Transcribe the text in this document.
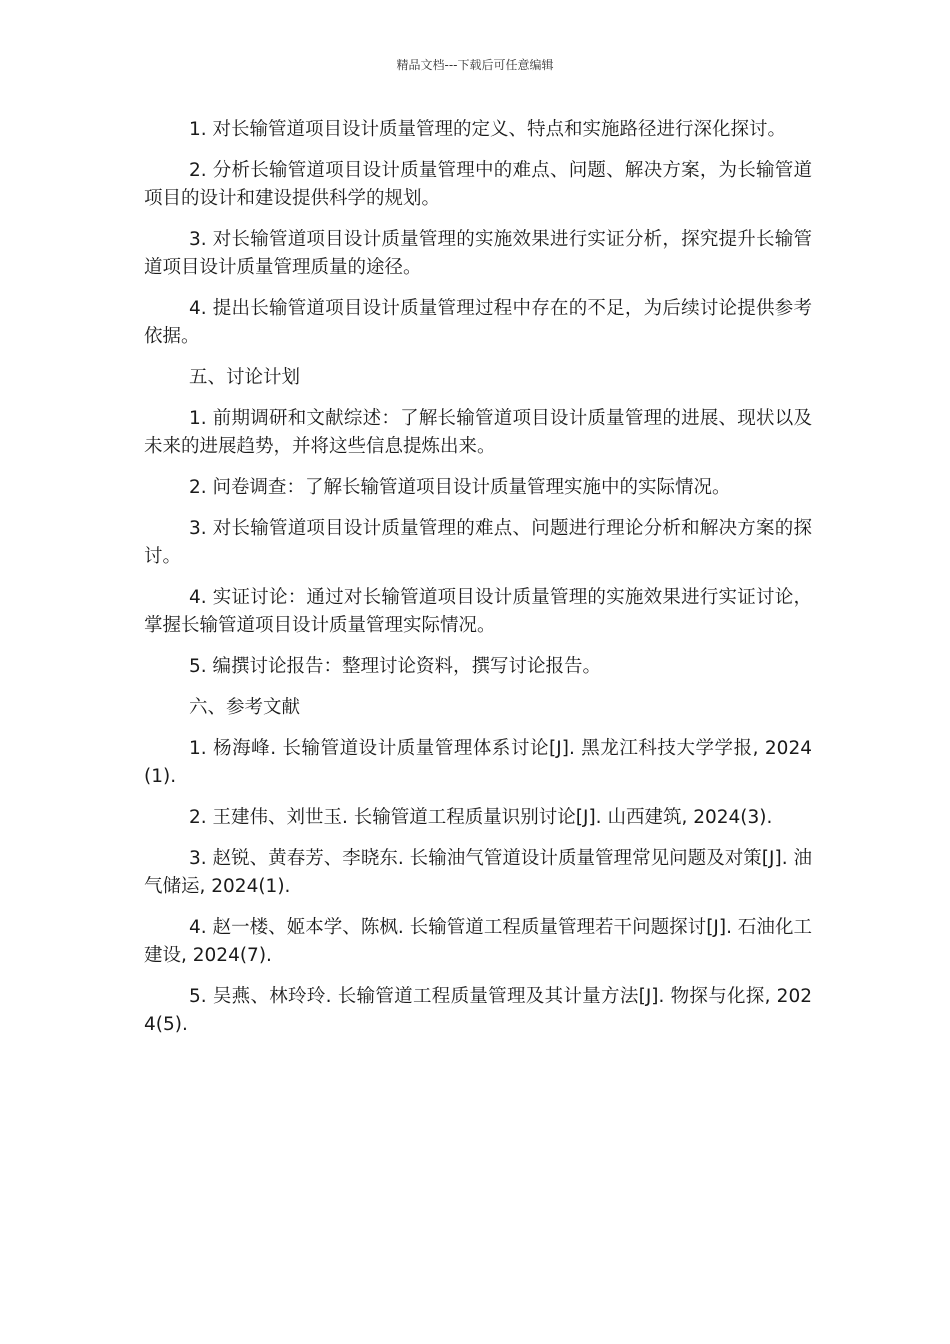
精品文档---下载后可任意编辑

1. 对长输管道项目设计质量管理的定义、特点和实施路径进行深化探讨。

2. 分析长输管道项目设计质量管理中的难点、问题、解决方案，为长输管道项目的设计和建设提供科学的规划。

3. 对长输管道项目设计质量管理的实施效果进行实证分析，探究提升长输管道项目设计质量管理质量的途径。

4. 提出长输管道项目设计质量管理过程中存在的不足，为后续讨论提供参考依据。

五、讨论计划

1. 前期调研和文献综述：了解长输管道项目设计质量管理的进展、现状以及未来的进展趋势，并将这些信息提炼出来。

2. 问卷调查：了解长输管道项目设计质量管理实施中的实际情况。

3. 对长输管道项目设计质量管理的难点、问题进行理论分析和解决方案的探讨。

4. 实证讨论：通过对长输管道项目设计质量管理的实施效果进行实证讨论，掌握长输管道项目设计质量管理实际情况。

5. 编撰讨论报告：整理讨论资料，撰写讨论报告。

六、参考文献

1. 杨海峰. 长输管道设计质量管理体系讨论[J]. 黑龙江科技大学学报, 2024(1).

2. 王建伟、刘世玉. 长输管道工程质量识别讨论[J]. 山西建筑, 2024(3).

3. 赵锐、黄春芳、李晓东. 长输油气管道设计质量管理常见问题及对策[J]. 油气储运, 2024(1).

4. 赵一楼、姬本学、陈枫. 长输管道工程质量管理若干问题探讨[J]. 石油化工建设, 2024(7).

5. 吴燕、林玲玲. 长输管道工程质量管理及其计量方法[J]. 物探与化探, 2024(5).
